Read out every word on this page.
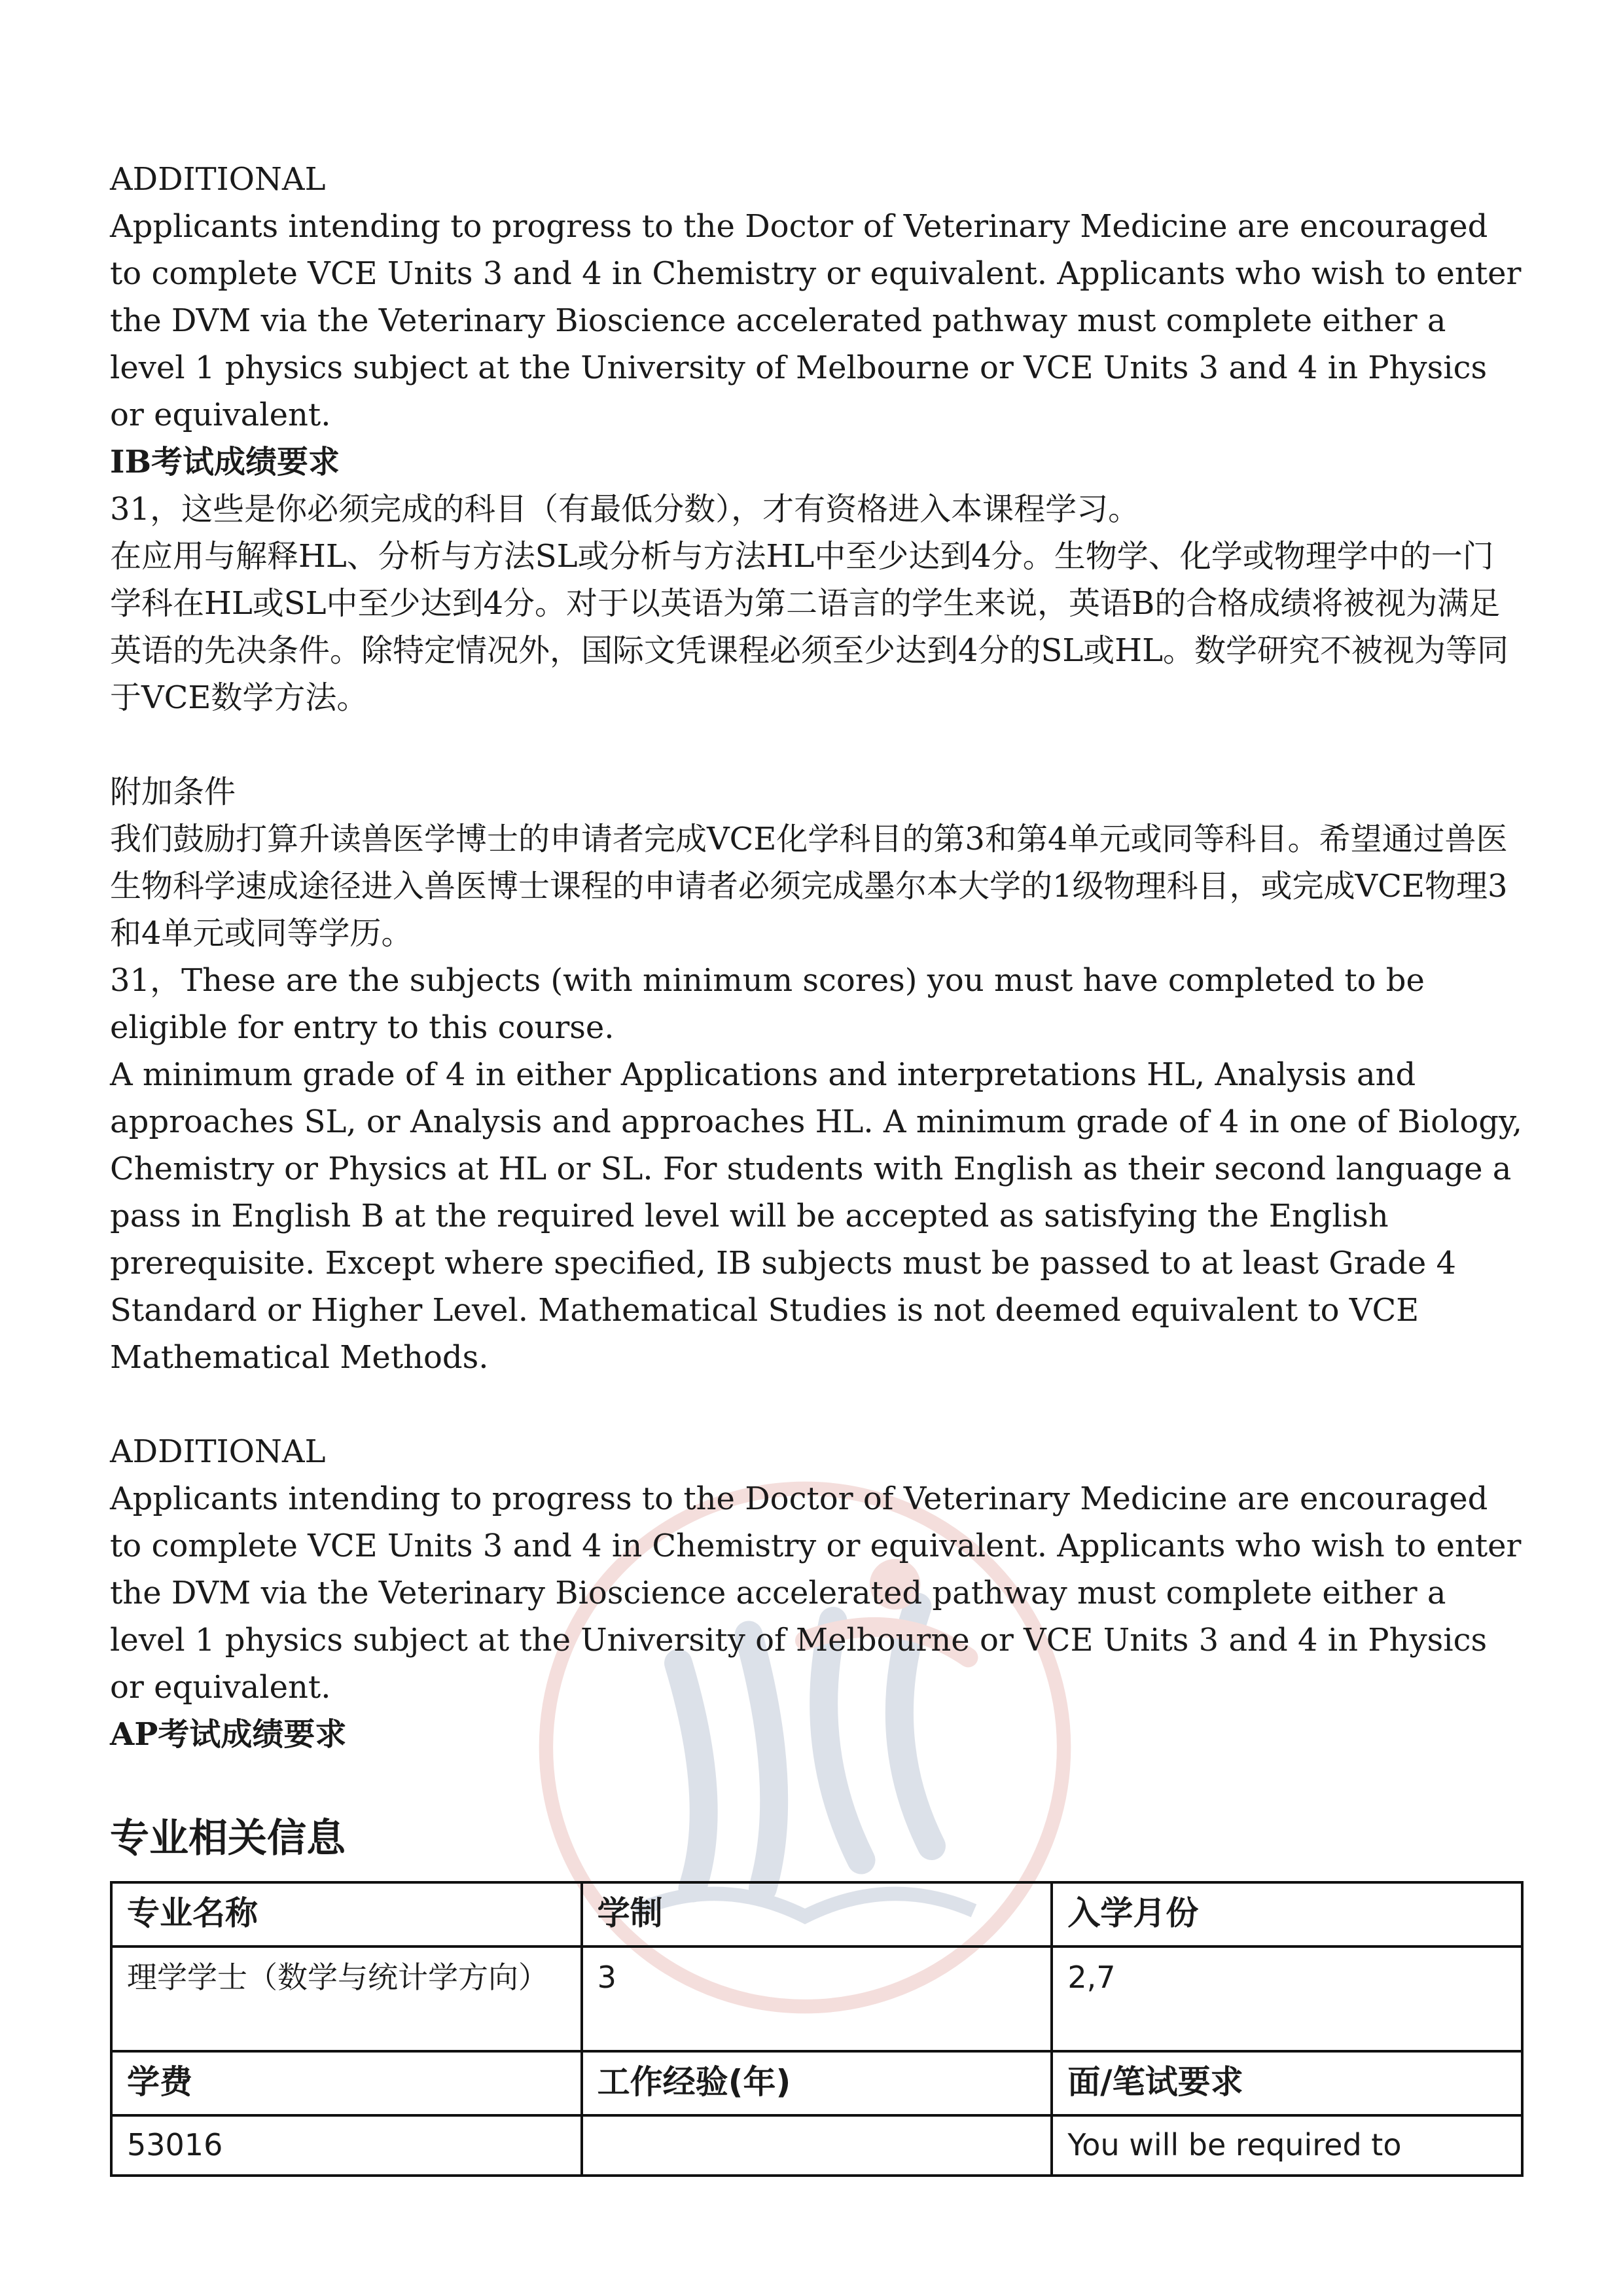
ADDITIONAL

Applicants intending to progress to the Doctor of Veterinary Medicine are encouraged to complete VCE Units 3 and 4 in Chemistry or equivalent. Applicants who wish to enter the DVM via the Veterinary Bioscience accelerated pathway must complete either a level 1 physics subject at the University of Melbourne or VCE Units 3 and 4 in Physics or equivalent.

IB考试成绩要求

31，这些是你必须完成的科目（有最低分数），才有资格进入本课程学习。

在应用与解释HL、分析与方法SL或分析与方法HL中至少达到4分。生物学、化学或物理学中的一门学科在HL或SL中至少达到4分。对于以英语为第二语言的学生来说，英语B的合格成绩将被视为满足英语的先决条件。除特定情况外，国际文凭课程必须至少达到4分的SL或HL。数学研究不被视为等同于VCE数学方法。

附加条件

我们鼓励打算升读兽医学博士的申请者完成VCE化学科目的第3和第4单元或同等科目。希望通过兽医生物科学速成途径进入兽医博士课程的申请者必须完成墨尔本大学的1级物理科目，或完成VCE物理3和4单元或同等学历。

31，These are the subjects (with minimum scores) you must have completed to be eligible for entry to this course.

A minimum grade of 4 in either Applications and interpretations HL, Analysis and approaches SL, or Analysis and approaches HL. A minimum grade of 4 in one of Biology, Chemistry or Physics at HL or SL. For students with English as their second language a pass in English B at the required level will be accepted as satisfying the English prerequisite. Except where specified, IB subjects must be passed to at least Grade 4 Standard or Higher Level. Mathematical Studies is not deemed equivalent to VCE Mathematical Methods.

ADDITIONAL

Applicants intending to progress to the Doctor of Veterinary Medicine are encouraged to complete VCE Units 3 and 4 in Chemistry or equivalent. Applicants who wish to enter the DVM via the Veterinary Bioscience accelerated pathway must complete either a level 1 physics subject at the University of Melbourne or VCE Units 3 and 4 in Physics or equivalent.

AP考试成绩要求

专业相关信息
专业名称	学制	入学月份
理学学士（数学与统计学方向）	3	2,7
学费	工作经验(年)	面/笔试要求
53016		You will be required to
